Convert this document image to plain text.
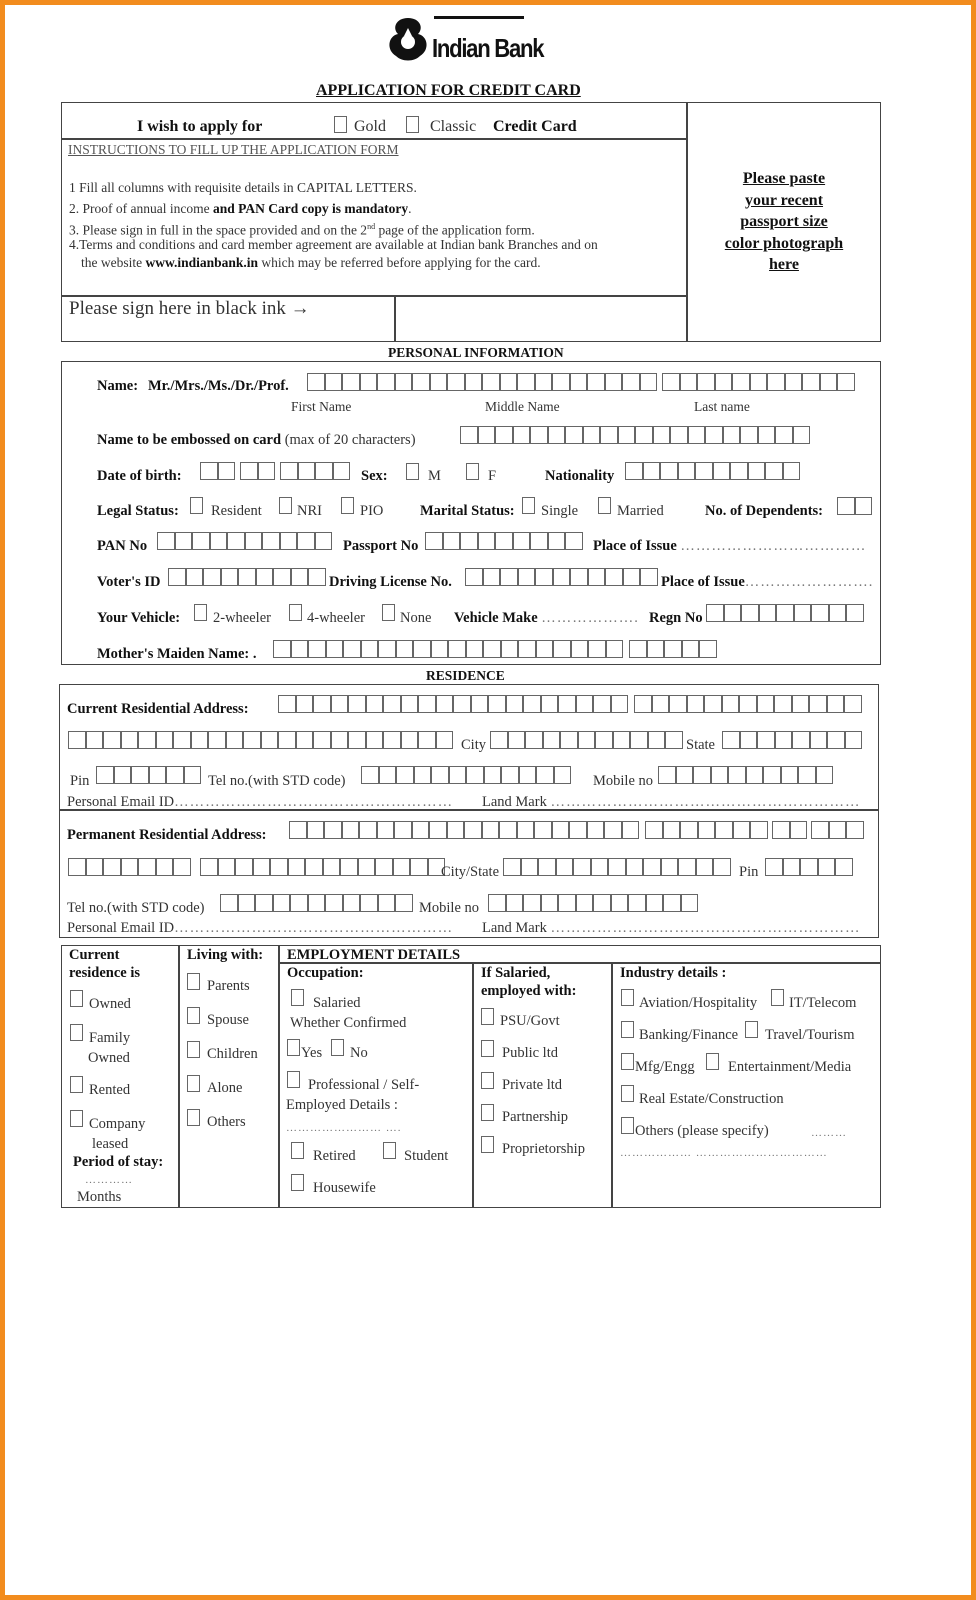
Indian Bank
APPLICATION FOR CREDIT CARD
I wish to apply for	Gold	Classic Credit Card
INSTRUCTIONS TO FILL UP THE APPLICATION FORM
1 Fill all columns with requisite details in CAPITAL LETTERS.
2. Proof of annual income and PAN Card copy is mandatory.
3. Please sign in full in the space provided and on the 2nd page of the application form.
4.Terms and conditions and card member agreement are available at Indian bank Branches and on
the website www.indianbank.in which may be referred before applying for the card.
Please sign here in black ink →
Please paste
your recent
passport size
color photograph
here
PERSONAL INFORMATION
Name: Mr./Mrs./Ms./Dr./Prof.
First Name	Middle Name	Last name
Name to be embossed on card (max of 20 characters)
Date of birth:	Sex:	M	F	Nationality
Legal Status: Resident NRI	PIO	Marital Status: Single	Married	No. of Dependents:
PAN No	Passport No	Place of Issue ………………………………
Voter's ID	Driving License No.	Place of Issue…………………….
Your Vehicle: 2-wheeler 4-wheeler None Vehicle Make ………………. Regn No
Mother's Maiden Name: .
RESIDENCE
Current Residential Address:
City	State
Pin	Tel no.(with STD code)	Mobile no
Personal Email ID……………………………………………… Land Mark ……………………………………………………
Permanent Residential Address:
City/State	Pin
Tel no.(with STD code)	Mobile no
Personal Email ID……………………………………………… Land Mark ……………………………………………………
Current
residence is
Owned
Family
Owned
Rented
Company
leased
Period of stay:
…………
Months
Living with:
Parents
Spouse
Children
Alone
Others
EMPLOYMENT DETAILS
Occupation:
Salaried
Whether Confirmed
Yes No
Professional / Self-
Employed Details :
…………………… ….
Retired	Student
Housewife
If Salaried,
employed with:
PSU/Govt
Public ltd
Private ltd
Partnership
Proprietorship
Industry details :
Aviation/Hospitality IT/Telecom
Banking/Finance Travel/Tourism
Mfg/Engg Entertainment/Media
Real Estate/Construction
Others (please specify)	………
……………… ……………………………
